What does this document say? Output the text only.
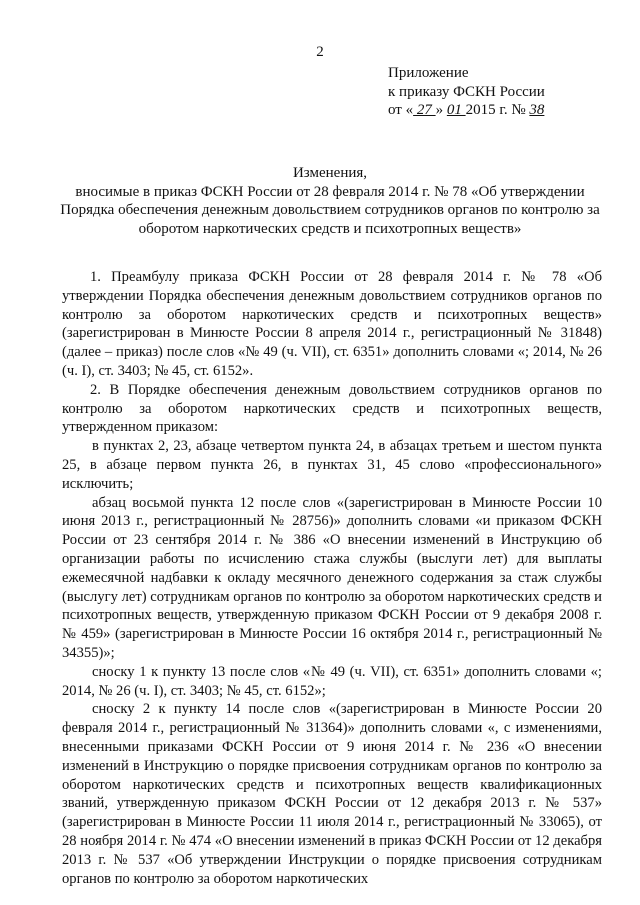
2
Приложение
к приказу ФСКН России
от « 27 » 01 2015 г. № 38
Изменения,
вносимые в приказ ФСКН России от 28 февраля 2014 г. № 78 «Об утверждении
Порядка обеспечения денежным довольствием сотрудников органов по контролю за
оборотом наркотических средств и психотропных веществ»

1. Преамбулу приказа ФСКН России от 28 февраля 2014 г. № 78 «Об утверждении Порядка обеспечения денежным довольствием сотрудников органов по контролю за оборотом наркотических средств и психотропных веществ» (зарегистрирован в Минюсте России 8 апреля 2014 г., регистрационный № 31848) (далее – приказ) после слов «№ 49 (ч. VII), ст. 6351» дополнить словами «; 2014, № 26 (ч. I), ст. 3403; № 45, ст. 6152».

2. В Порядке обеспечения денежным довольствием сотрудников органов по контролю за оборотом наркотических средств и психотропных веществ, утвержденном приказом:

в пунктах 2, 23, абзаце четвертом пункта 24, в абзацах третьем и шестом пункта 25, в абзаце первом пункта 26, в пунктах 31, 45 слово «профессионального» исключить;

абзац восьмой пункта 12 после слов «(зарегистрирован в Минюсте России 10 июня 2013 г., регистрационный № 28756)» дополнить словами «и приказом ФСКН России от 23 сентября 2014 г. № 386 «О внесении изменений в Инструкцию об организации работы по исчислению стажа службы (выслуги лет) для выплаты ежемесячной надбавки к окладу месячного денежного содержания за стаж службы (выслугу лет) сотрудникам органов по контролю за оборотом наркотических средств и психотропных веществ, утвержденную приказом ФСКН России от 9 декабря 2008 г. № 459» (зарегистрирован в Минюсте России 16 октября 2014 г., регистрационный № 34355)»;

сноску 1 к пункту 13 после слов «№ 49 (ч. VII), ст. 6351» дополнить словами «; 2014, № 26 (ч. I), ст. 3403; № 45, ст. 6152»;

сноску 2 к пункту 14 после слов «(зарегистрирован в Минюсте России 20 февраля 2014 г., регистрационный № 31364)» дополнить словами «, с изменениями, внесенными приказами ФСКН России от 9 июня 2014 г. № 236 «О внесении изменений в Инструкцию о порядке присвоения сотрудникам органов по контролю за оборотом наркотических средств и психотропных веществ квалификационных званий, утвержденную приказом ФСКН России от 12 декабря 2013 г. № 537» (зарегистрирован в Минюсте России 11 июля 2014 г., регистрационный № 33065), от 28 ноября 2014 г. № 474 «О внесении изменений в приказ ФСКН России от 12 декабря 2013 г. № 537 «Об утверждении Инструкции о порядке присвоения сотрудникам органов по контролю за оборотом наркотических
